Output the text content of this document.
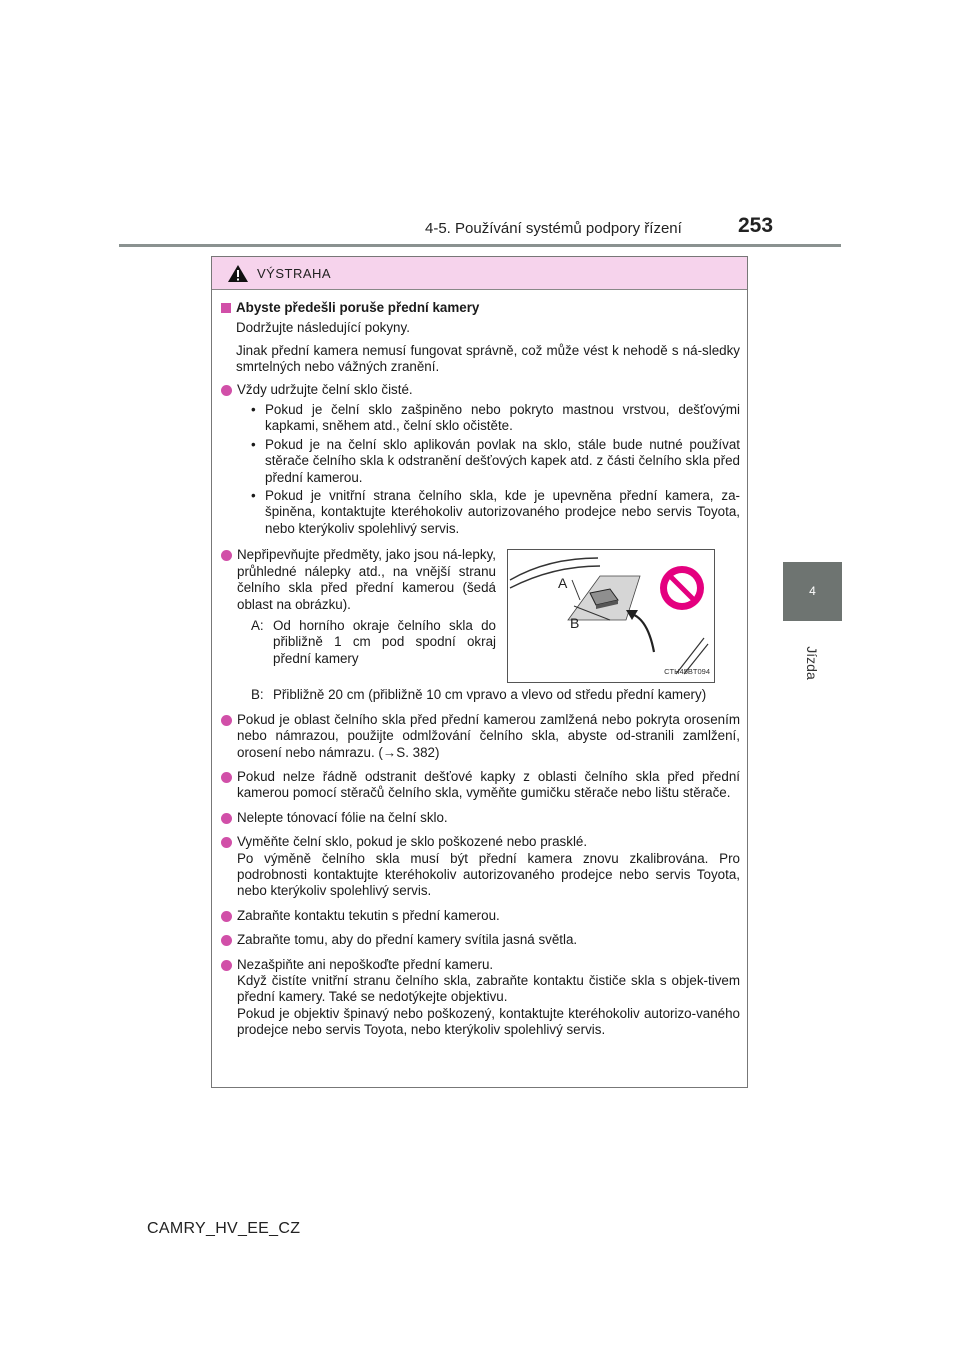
4-5. Používání systémů podpory řízení	253
4
Jízda
VÝSTRAHA
Abyste předešli poruše přední kamery

Dodržujte následující pokyny.

Jinak přední kamera nemusí fungovat správně, což může vést k nehodě s ná-sledky smrtelných nebo vážných zranění.

Vždy udržujte čelní sklo čisté.
• Pokud je čelní sklo zašpiněno nebo pokryto mastnou vrstvou, dešťovými kapkami, sněhem atd., čelní sklo očistěte.
• Pokud je na čelní sklo aplikován povlak na sklo, stále bude nutné používat stěrače čelního skla k odstranění dešťových kapek atd. z části čelního skla před přední kamerou.
• Pokud je vnitřní strana čelního skla, kde je upevněna přední kamera, za-špiněna, kontaktujte kteréhokoliv autorizovaného prodejce nebo servis Toyota, nebo kterýkoliv spolehlivý servis.
Nepřipevňujte předměty, jako jsou ná-lepky, průhledné nálepky atd., na vnější stranu čelního skla před přední kamerou (šedá oblast na obrázku).
A: Od horního okraje čelního skla do přibližně 1 cm pod spodní okraj přední kamery
A
B
CTH45BT094
B: Přibližně 20 cm (přibližně 10 cm vpravo a vlevo od středu přední kamery)
Pokud je oblast čelního skla před přední kamerou zamlžená nebo pokryta orosením nebo námrazou, použijte odmlžování čelního skla, abyste od-stranili zamlžení, orosení nebo námrazu. (→S. 382)
Pokud nelze řádně odstranit dešťové kapky z oblasti čelního skla před přední kamerou pomocí stěračů čelního skla, vyměňte gumičku stěrače nebo lištu stěrače.
Nelepte tónovací fólie na čelní sklo.
Vyměňte čelní sklo, pokud je sklo poškozené nebo prasklé.
Po výměně čelního skla musí být přední kamera znovu zkalibrována. Pro podrobnosti kontaktujte kteréhokoliv autorizovaného prodejce nebo servis Toyota, nebo kterýkoliv spolehlivý servis.
Zabraňte kontaktu tekutin s přední kamerou.
Zabraňte tomu, aby do přední kamery svítila jasná světla.
Nezašpiňte ani nepoškoďte přední kameru.
Když čistíte vnitřní stranu čelního skla, zabraňte kontaktu čističe skla s objek-tivem přední kamery. Také se nedotýkejte objektivu.
Pokud je objektiv špinavý nebo poškozený, kontaktujte kteréhokoliv autorizo-vaného prodejce nebo servis Toyota, nebo kterýkoliv spolehlivý servis.
CAMRY_HV_EE_CZ
